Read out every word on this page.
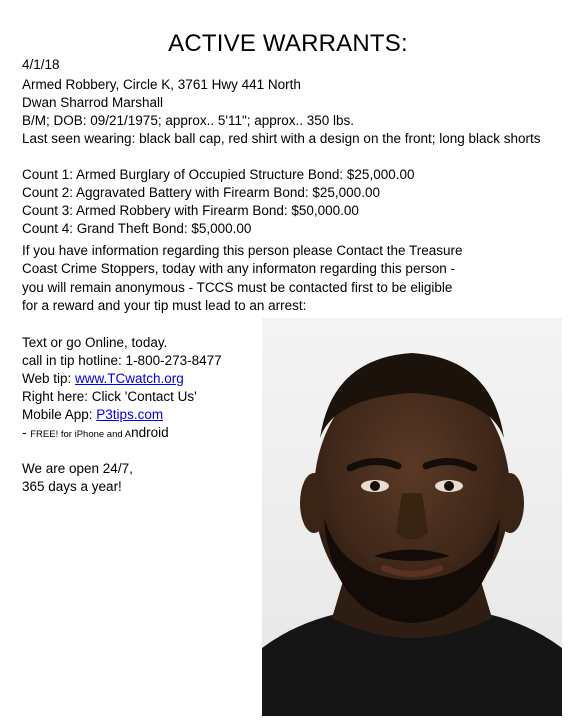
ACTIVE WARRANTS:
4/1/18
Armed Robbery, Circle K, 3761 Hwy 441 North
Dwan Sharrod Marshall
B/M; DOB: 09/21/1975; approx.. 5'11"; approx.. 350 lbs.
Last seen wearing: black ball cap, red shirt with a design on the front; long black shorts
Count 1: Armed Burglary of Occupied Structure Bond: $25,000.00
Count 2: Aggravated Battery with Firearm Bond: $25,000.00
Count 3: Armed Robbery with Firearm Bond: $50,000.00
Count 4: Grand Theft Bond: $5,000.00
If you have information regarding this person please Contact the Treasure
Coast Crime Stoppers, today with any informaton regarding this person -
you will remain anonymous - TCCS must be contacted first to be eligible
for a reward and your tip must lead to an arrest:
Text or go Online, today.
call in tip hotline: 1-800-273-8477
Web tip: www.TCwatch.org
Right here: Click 'Contact Us'
Mobile App: P3tips.com
- FREE! for iPhone and Android
We are open 24/7,
365 days a year!
